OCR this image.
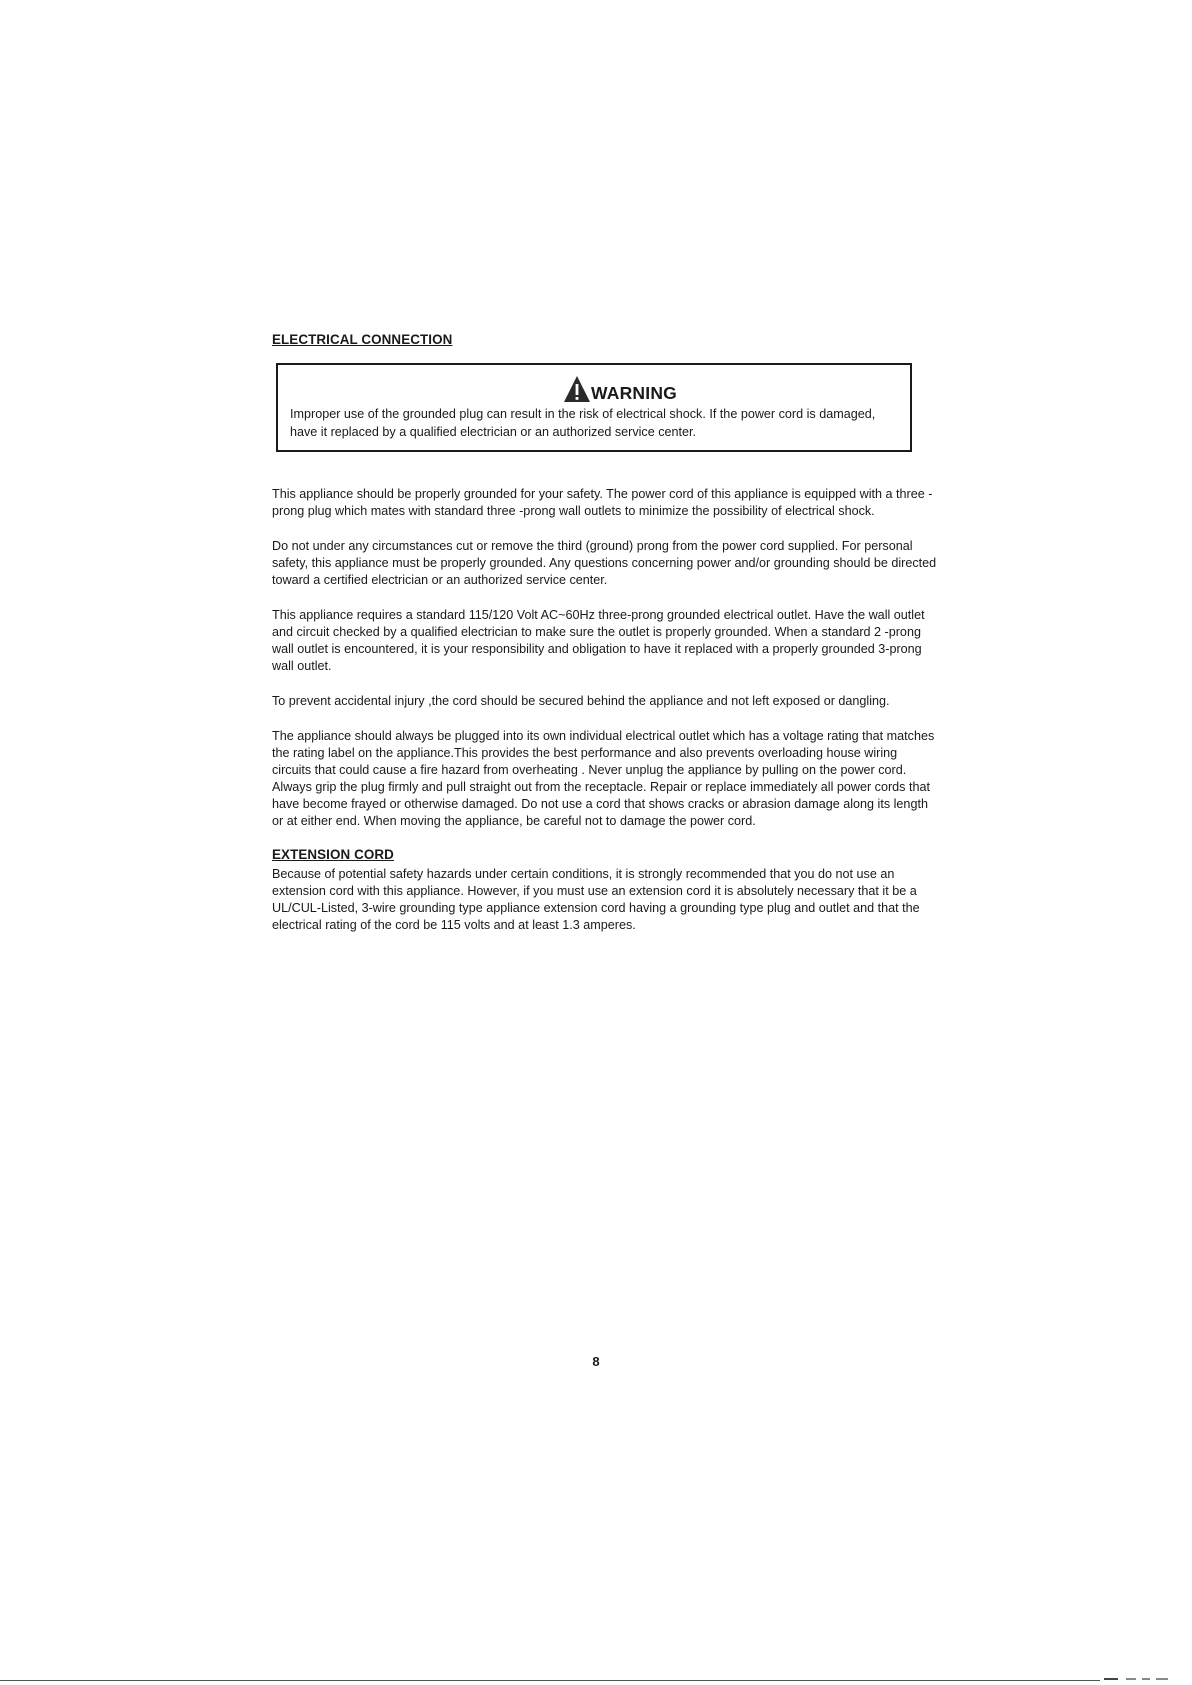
ELECTRICAL CONNECTION
WARNING

Improper use of the grounded plug can result in the risk of electrical shock. If the power cord is damaged, have it replaced by a qualified electrician or an authorized service center.

This appliance should be properly grounded for your safety. The power cord of this appliance is equipped with a three -prong plug which mates with standard three -prong wall outlets to minimize the possibility of electrical shock.

Do not under any circumstances cut or remove the third (ground) prong from the power cord supplied. For personal safety, this appliance must be properly grounded. Any questions concerning power and/or grounding should be directed toward a certified electrician or an authorized service center.

This appliance requires a standard 115/120 Volt AC~60Hz three-prong grounded electrical outlet. Have the wall outlet and circuit checked by a qualified electrician to make sure the outlet is properly grounded. When a standard 2 -prong wall outlet is encountered, it is your responsibility and obligation to have it replaced with a properly grounded 3-prong wall outlet.

To prevent accidental injury ,the cord should be secured behind the appliance and not left exposed or dangling.

The appliance should always be plugged into its own individual electrical outlet which has a voltage rating that matches the rating label on the appliance.This provides the best performance and also prevents overloading house wiring circuits that could cause a fire hazard from overheating . Never unplug the appliance by pulling on the power cord. Always grip the plug firmly and pull straight out from the receptacle. Repair or replace immediately all power cords that have become frayed or otherwise damaged. Do not use a cord that shows cracks or abrasion damage along its length or at either end. When moving the appliance, be careful not to damage the power cord.

EXTENSION CORD

Because of potential safety hazards under certain conditions, it is strongly recommended that you do not use an extension cord with this appliance. However, if you must use an extension cord it is absolutely necessary that it be a UL/CUL-Listed, 3-wire grounding type appliance extension cord having a grounding type plug and outlet and that the electrical rating of the cord be 115 volts and at least 1.3 amperes.

8
